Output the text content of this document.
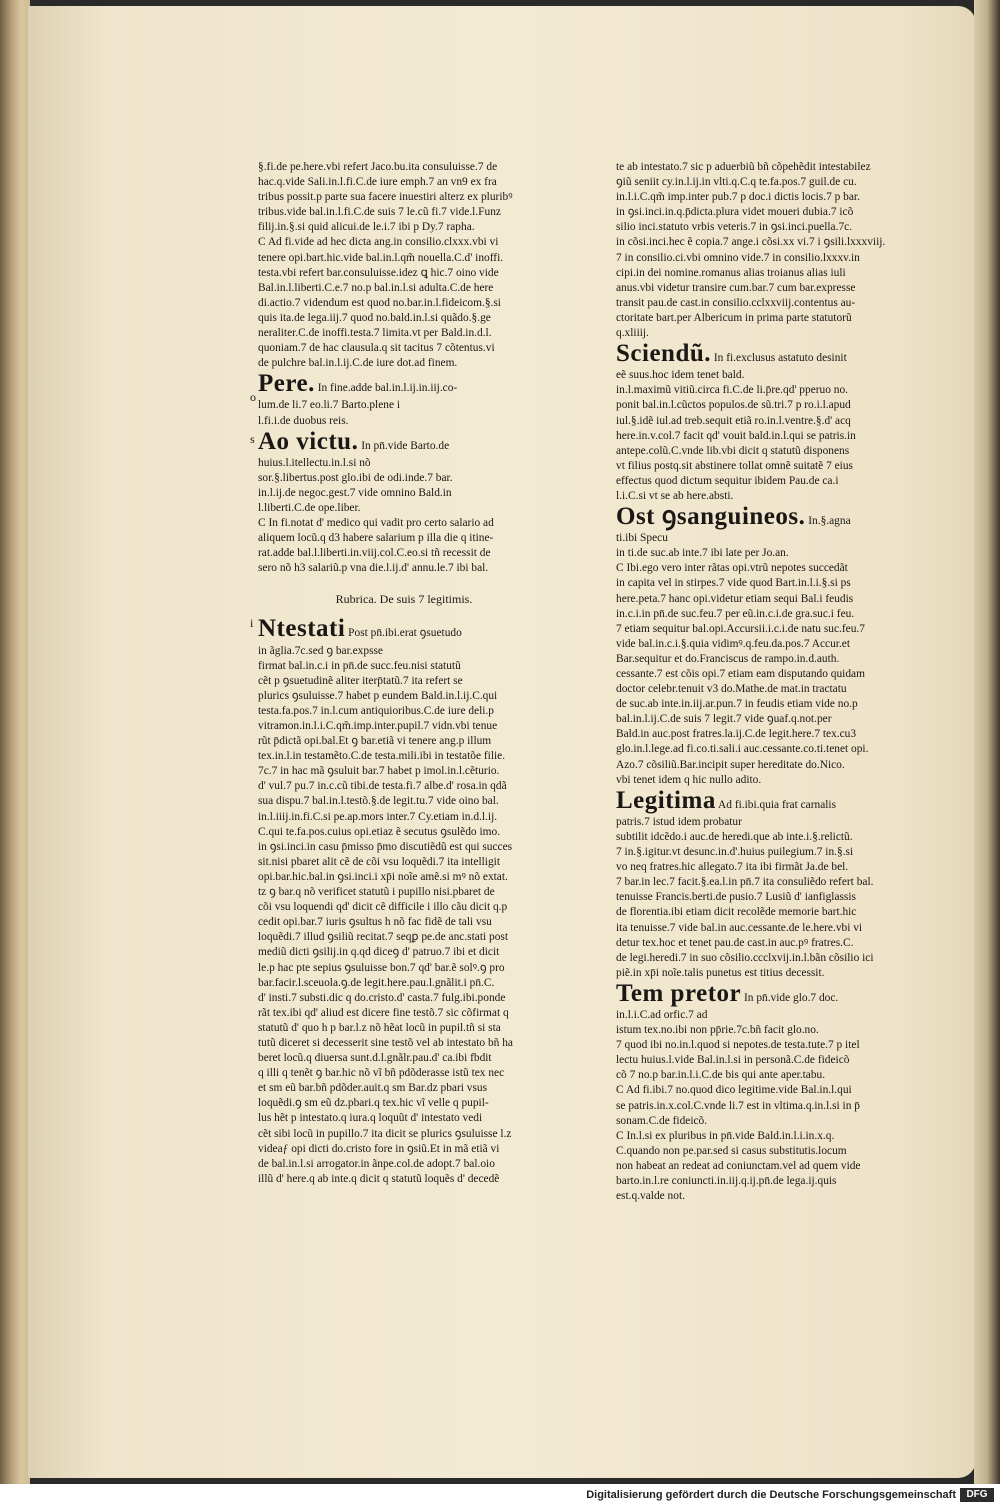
o
s
i
§.fi.de pe.here.vbi refert Jaco.bu.ita consuluisse.7 de
hac.q.vide Sali.in.l.fi.C.de iure emph.7 an vn9 ex fra
tribus possit.p parte sua facere inuestiri alterz ex pluribꝰ
tribus.vide bal.in.l.fi.C.de suis 7 le.cũ fi.7 vide.l.Funz
filij.in.§.si quid alicui.de le.i.7 ibi p Dy.7 rapha.
C Ad fi.vide ad hec dicta ang.in consilio.clxxx.vbi vi
tenere opi.bart.hic.vide bal.in.l.qm̃ nouella.C.d' inoffi.
testa.vbi refert bar.consuluisse.idez ꝗ hic.7 oino vide
Bal.in.l.liberti.C.e.7 no.p bal.in.l.si adulta.C.de here
di.actio.7 videndum est quod no.bar.in.l.fideicom.§.si
quis ita.de lega.iij.7 quod no.bald.in.l.si quãdo.§.ge
neraliter.C.de inoffi.testa.7 limita.vt per Bald.in.d.l.
quoniam.7 de hac clausula.q sit tacitus 7 cõtentus.vi
de pulchre bal.in.l.ij.C.de iure dot.ad finem.
Pere. In fine.adde bal.in.l.ij.in.iij.co-
lum.de li.7 eo.li.7 Barto.plene i
l.fi.i.de duobus reis.
Ao victu. In pn̄.vide Barto.de
huius.l.itellectu.in.l.si nõ
sor.§.libertus.post glo.ibi de odi.inde.7 bar.
in.l.ij.de negoc.gest.7 vide omnino Bald.in
l.liberti.C.de ope.liber.
C In fi.notat d' medico qui vadit pro certo salario ad
aliquem locũ.q d3 habere salarium p illa die q itine-
rat.adde bal.l.liberti.in.viij.col.C.eo.si tñ recessit de
sero nõ h3 salariũ.p vna die.l.ij.d' annu.le.7 ibi bal.
Rubrica. De suis 7 legitimis.
Ntestati Post pn̄.ibi.erat ꝯsuetudo
in ãglia.7c.sed ꝯ bar.expsse
firmat bal.in.c.i in pn̄.de succ.feu.nisi statutũ
cẽt p ꝯsuetudinẽ aliter iterp̄tatũ.7 ita refert se
plurics ꝯsuluisse.7 habet p eundem Bald.in.l.ij.C.qui
testa.fa.pos.7 in.l.cum antiquioribus.C.de iure deli.p
vitramon.in.l.i.C.qm̃.imp.inter.pupil.7 vidn.vbi tenue
rũt p̄dictã opi.bal.Et ꝯ bar.etiã vi tenere ang.p illum
tex.in.l.in testamẽto.C.de testa.mili.ibi in testatõe filie.
7c.7 in hac mã ꝯsuluit bar.7 habet p imol.in.l.cẽturio.
d' vul.7 pu.7 in.c.cũ tibi.de testa.fi.7 albe.d' rosa.in qdã
sua dispu.7 bal.in.l.testõ.§.de legit.tu.7 vide oino bal.
in.l.iiij.in.fi.C.si pe.ap.mors inter.7 Cy.etiam in.d.l.ij.
C.qui te.fa.pos.cuius opi.etiaz ẽ secutus ꝯsulẽdo imo.
in ꝯsi.inci.in casu p̄misso p̄mo discutiẽdũ est qui succes
sit.nisi pbaret alit cẽ de cõi vsu loquẽdi.7 ita intelligit
opi.bar.hic.bal.in ꝯsi.inci.i xp̄i noĩe amẽ.si mꝰ nõ extat.
tz ꝯ bar.q nõ verificet statutũ i pupillo nisi.pbaret de
cõi vsu loquendi qd' dicit cẽ difficile i illo cãu dicit q.p
cedit opi.bar.7 iuris ꝯsultus h nõ fac fidẽ de tali vsu
loquẽdi.7 illud ꝯsiliũ recitat.7 seqꝑ pe.de anc.stati post
mediũ dicti ꝯsilij.in q.qd diceꝯ d' patruo.7 ibi et dicit
le.p hac pte sepius ꝯsuluisse bon.7 qd' bar.ẽ solꝰ.ꝯ pro
bar.facir.l.sceuola.ꝯ.de legit.here.pau.l.gnãlit.i pn̄.C.
d' insti.7 substi.dic q do.cristo.d' casta.7 fulg.ibi.ponde
rãt tex.ibi qd' aliud est dicere fine testõ.7 sic cõfirmat q
statutũ d' quo h p bar.l.z nõ hẽat locũ in pupil.tñ si sta
tutũ diceret si decesserit sine testõ vel ab intestato bñ ha
beret locũ.q diuersa sunt.d.l.gnãlr.pau.d' ca.ibi fbdit
q illi q tenẽt ꝯ bar.hic nõ vĩ bñ pdõderasse istũ tex nec
et sm eũ bar.bñ pdõder.auit.q sm Bar.dz pbari vsus
loquẽdi.ꝯ sm eũ dz.pbari.q tex.hic vĩ velle q pupil-
lus hẽt p intestato.q iura.q loquũt d' intestato vedi
cẽt sibi locũ in pupillo.7 ita dicit se plurics ꝯsuluisse l.z
videaƒ opi dicti do.cristo fore in ꝯsiũ.Et in mã etiã vi
de bal.in.l.si arrogator.in ãnpe.col.de adopt.7 bal.oio
illũ d' here.q ab inte.q dicit q statutũ loquẽs d' decedẽ
te ab intestato.7 sic p aduerbiũ bñ cõpehẽdit intestabilez
ꝯiũ seniit cy.in.l.ij.in vlti.q.C.q te.fa.pos.7 guil.de cu.
in.l.i.C.qm̃ imp.inter pub.7 p doc.i dictis locis.7 p bar.
in ꝯsi.inci.in.q.p̄dicta.plura videt moueri dubia.7 icõ
silio inci.statuto vrbis veteris.7 in ꝯsi.inci.puella.7c.
in cõsi.inci.hec ẽ copia.7 ange.i cõsi.xx vi.7 i ꝯsili.lxxxviij.
7 in consilio.ci.vbi omnino vide.7 in consilio.lxxxv.in
cipi.in dei nomine.romanus alias troianus alias iuli
anus.vbi videtur transire cum.bar.7 cum bar.expresse
transit pau.de cast.in consilio.cclxxviij.contentus au-
ctoritate bart.per Albericum in prima parte statutorũ
q.xliiij.
Sciendũ. In fi.exclusus astatuto desinit
eẽ suus.hoc idem tenet bald.
in.l.maximũ vitiũ.circa fi.C.de li.p̄re.qd' pperuo no.
ponit bal.in.l.cũctos populos.de sũ.tri.7 p ro.i.l.apud
iul.§.idẽ iul.ad treb.sequit etiã ro.in.l.ventre.§.d' acq
here.in.v.col.7 facit qd' vouit bald.in.l.qui se patris.in
antepe.colũ.C.vnde lib.vbi dicit q statutũ disponens
vt filius postq.sit abstinere tollat omnẽ suitatẽ 7 eius
effectus quod dictum sequitur ibidem Pau.de ca.i
l.i.C.si vt se ab here.absti.
Ost ꝯsanguineos. In.§.agna
ti.ibi Specu
in ti.de suc.ab inte.7 ibi late per Jo.an.
C Ibi.ego vero inter rãtas opi.vtrũ nepotes succedãt
in capita vel in stirpes.7 vide quod Bart.in.l.i.§.si ps
here.peta.7 hanc opi.videtur etiam sequi Bal.i feudis
in.c.i.in pn̄.de suc.feu.7 per eũ.in.c.i.de gra.suc.i feu.
7 etiam sequitur bal.opi.Accursii.i.c.i.de natu suc.feu.7
vide bal.in.c.i.§.quia vidimꝰ.q.feu.da.pos.7 Accur.et
Bar.sequitur et do.Franciscus de rampo.in.d.auth.
cessante.7 est cõis opi.7 etiam eam disputando quidam
doctor celebr.tenuit v3 do.Mathe.de mat.in tractatu
de suc.ab inte.in.iij.ar.pun.7 in feudis etiam vide no.p
bal.in.l.ij.C.de suis 7 legit.7 vide ꝯuaf.q.not.per
Bald.in auc.post fratres.la.ij.C.de legit.here.7 tex.cu3
glo.in.l.lege.ad fi.co.ti.sali.i auc.cessante.co.ti.tenet opi.
Azo.7 cõsiliũ.Bar.incipit super hereditate do.Nico.
vbi tenet idem q hic nullo adito.
Legitima Ad fi.ibi.quia frat carnalis
patris.7 istud idem probatur
subtilit idcẽdo.i auc.de heredi.que ab inte.i.§.relictũ.
7 in.§.igitur.vt desunc.in.d'.huius puilegium.7 in.§.si
vo neq fratres.hic allegato.7 ita ibi firmãt Ja.de bel.
7 bar.in lec.7 facit.§.ea.l.in pn̄.7 ita consuliẽdo refert bal.
tenuisse Francis.berti.de pusio.7 Lusiũ d' ianfiglassis
de florentia.ibi etiam dicit recolẽde memorie bart.hic
ita tenuisse.7 vide bal.in auc.cessante.de le.here.vbi vi
detur tex.hoc et tenet pau.de cast.in auc.pꝰ fratres.C.
de legi.heredi.7 in suo cõsilio.ccclxvij.in.l.bãn cõsilio ici
piẽ.in xp̄i noĩe.talis punetus est titius decessit.
Tem pretor In pn̄.vide glo.7 doc.
in.l.i.C.ad orfic.7 ad
istum tex.no.ibi non pp̄rie.7c.bñ facit glo.no.
7 quod ibi no.in.l.quod si nepotes.de testa.tute.7 p itel
lectu huius.l.vide Bal.in.l.si in personã.C.de fideicõ
cõ 7 no.p bar.in.l.i.C.de bis qui ante aper.tabu.
C Ad fi.ibi.7 no.quod dico legitime.vide Bal.in.l.qui
se patris.in.x.col.C.vnde li.7 est in vltima.q.in.l.si in p̄
sonam.C.de fideicõ.
C In.l.si ex pluribus in pn̄.vide Bald.in.l.i.in.x.q.
C.quando non pe.par.sed si casus substitutis.locum
non habeat an redeat ad coniunctam.vel ad quem vide
barto.in.l.re coniuncti.in.iij.q.ij.pn̄.de lega.ij.quis
est.q.valde not.
Digitalisierung gefördert durch die Deutsche Forschungsgemeinschaft	DFG
